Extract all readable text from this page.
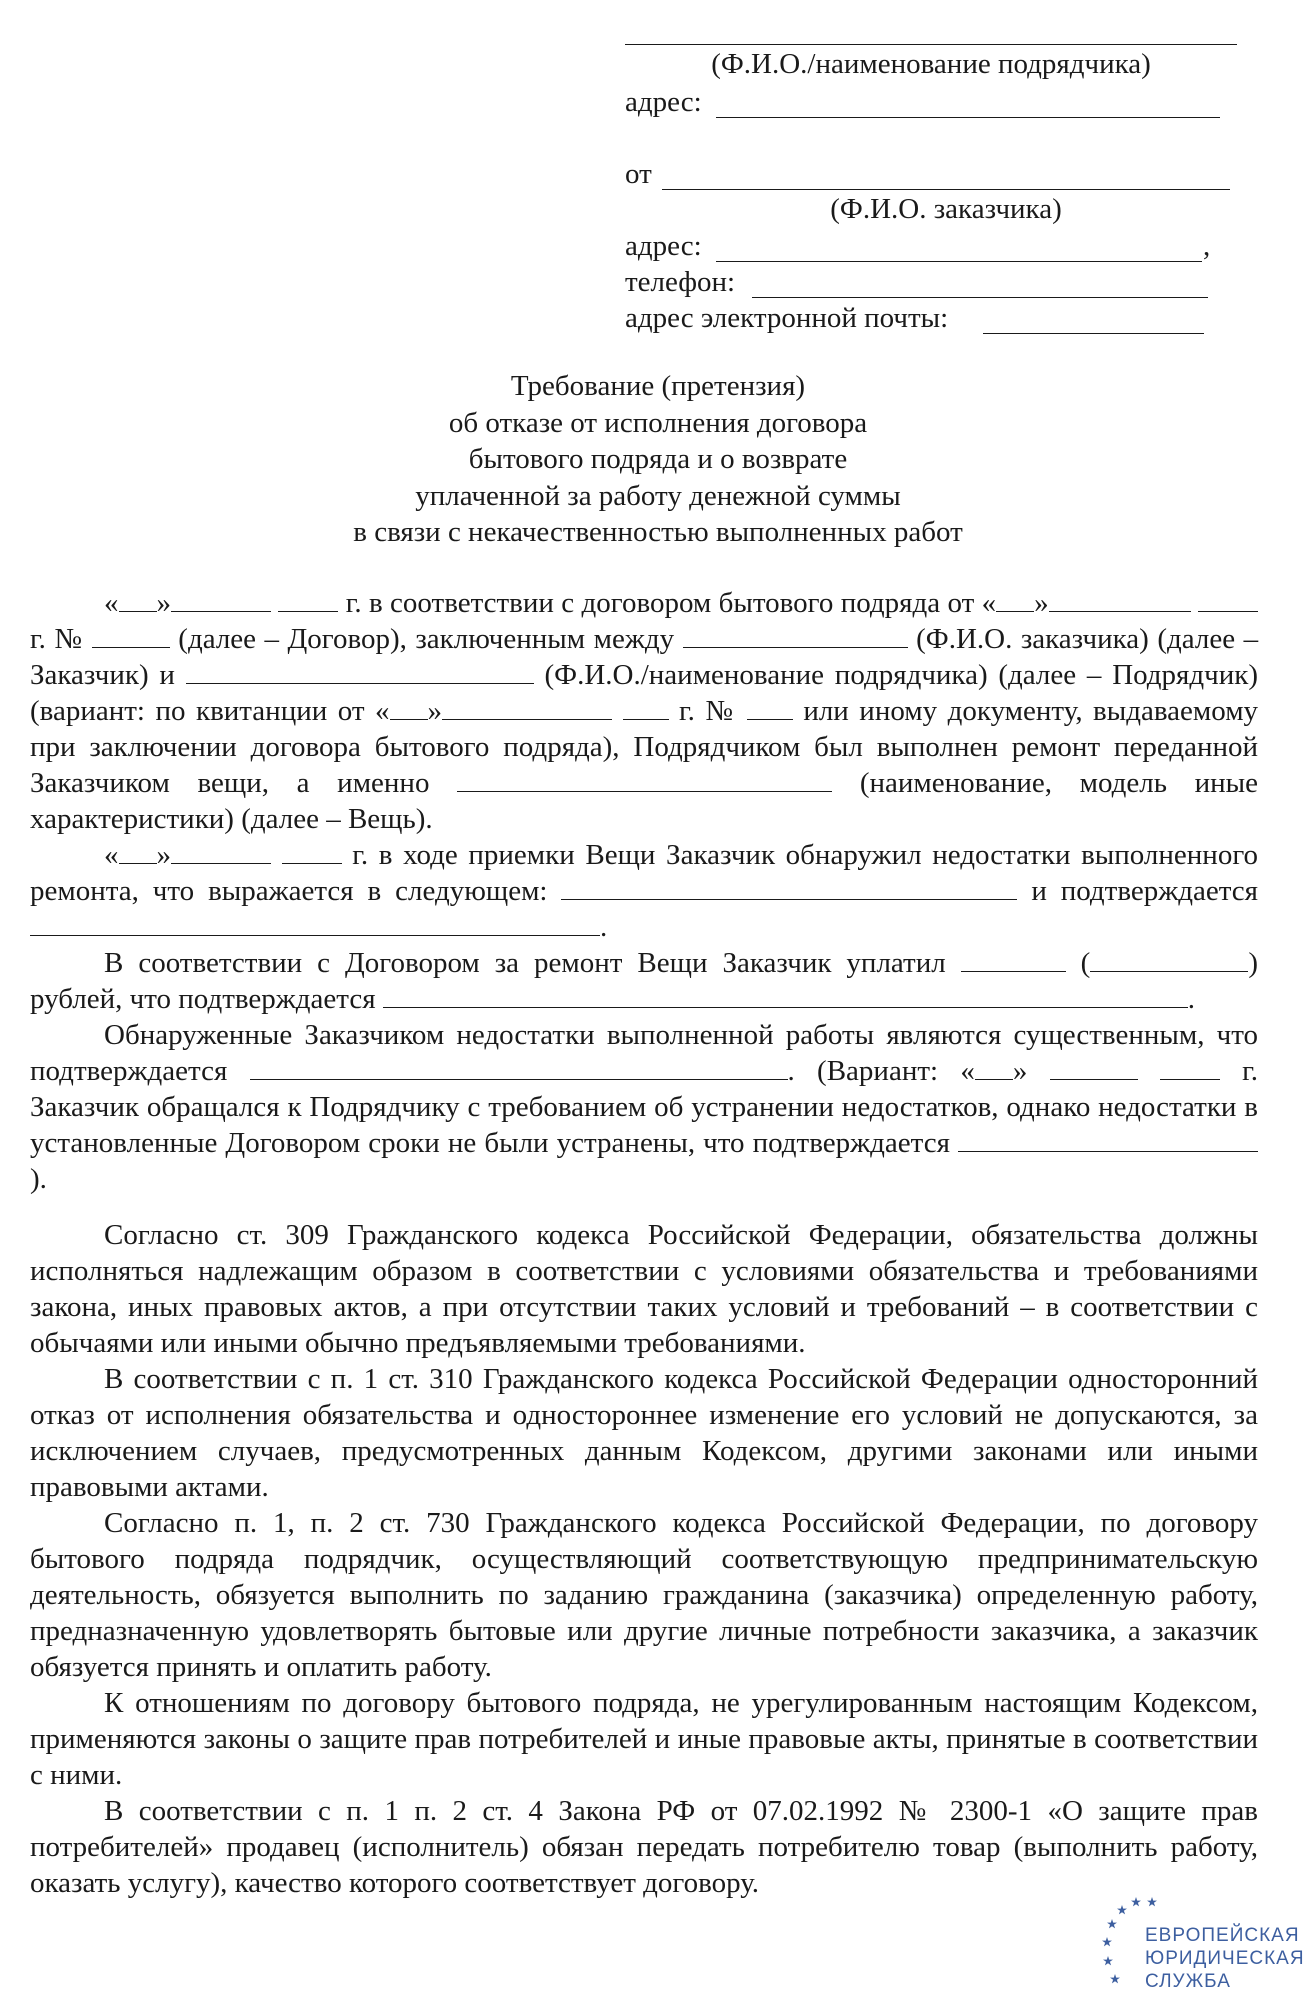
(Ф.И.О./наименование подрядчика)
адрес:
от
(Ф.И.О. заказчика)
адрес:	,
телефон:
адрес электронной почты:
Требование (претензия)
об отказе от исполнения договора
бытового подряда и о возврате
уплаченной за работу денежной суммы
в связи с некачественностью выполненных работ

« »	г. в соответствии с договором бытового подряда от « »  г. №	(далее – Договор), заключенным между	(Ф.И.О. заказчика) (далее – Заказчик) и	(Ф.И.О./наименование подрядчика) (далее – Подрядчик) (вариант: по квитанции от « »	г. № или иному документу, выдаваемому при заключении договора бытового подряда), Подрядчиком был выполнен ремонт переданной Заказчиком вещи, а именно	(наименование, модель иные характеристики) (далее – Вещь).

« »	г. в ходе приемки Вещи Заказчик обнаружил недостатки выполненного ремонта, что выражается в следующем:	и подтверждается .

В соответствии с Договором за ремонт Вещи Заказчик уплатил	(	) рублей, что подтверждается	.

Обнаруженные Заказчиком недостатки выполненной работы являются существенным, что подтверждается	. (Вариант: « »	г. Заказчик обращался к Подрядчику с требованием об устранении недостатков, однако недостатки в установленные Договором сроки не были устранены, что подтверждается ).

Согласно ст. 309 Гражданского кодекса Российской Федерации, обязательства должны исполняться надлежащим образом в соответствии с условиями обязательства и требованиями закона, иных правовых актов, а при отсутствии таких условий и требований – в соответствии с обычаями или иными обычно предъявляемыми требованиями.

В соответствии с п. 1 ст. 310 Гражданского кодекса Российской Федерации односторонний отказ от исполнения обязательства и одностороннее изменение его условий не допускаются, за исключением случаев, предусмотренных данным Кодексом, другими законами или иными правовыми актами.

Согласно п. 1, п. 2 ст. 730 Гражданского кодекса Российской Федерации, по договору бытового подряда подрядчик, осуществляющий соответствующую предпринимательскую деятельность, обязуется выполнить по заданию гражданина (заказчика) определенную работу, предназначенную удовлетворять бытовые или другие личные потребности заказчика, а заказчик обязуется принять и оплатить работу.

К отношениям по договору бытового подряда, не урегулированным настоящим Кодексом, применяются законы о защите прав потребителей и иные правовые акты, принятые в соответствии с ними.

В соответствии с п. 1 п. 2 ст. 4 Закона РФ от 07.02.1992 № 2300-1 «О защите прав потребителей» продавец (исполнитель) обязан передать потребителю товар (выполнить работу, оказать услугу), качество которого соответствует договору.

ЕВРОПЕЙСКАЯ
ЮРИДИЧЕСКАЯ
СЛУЖБА
